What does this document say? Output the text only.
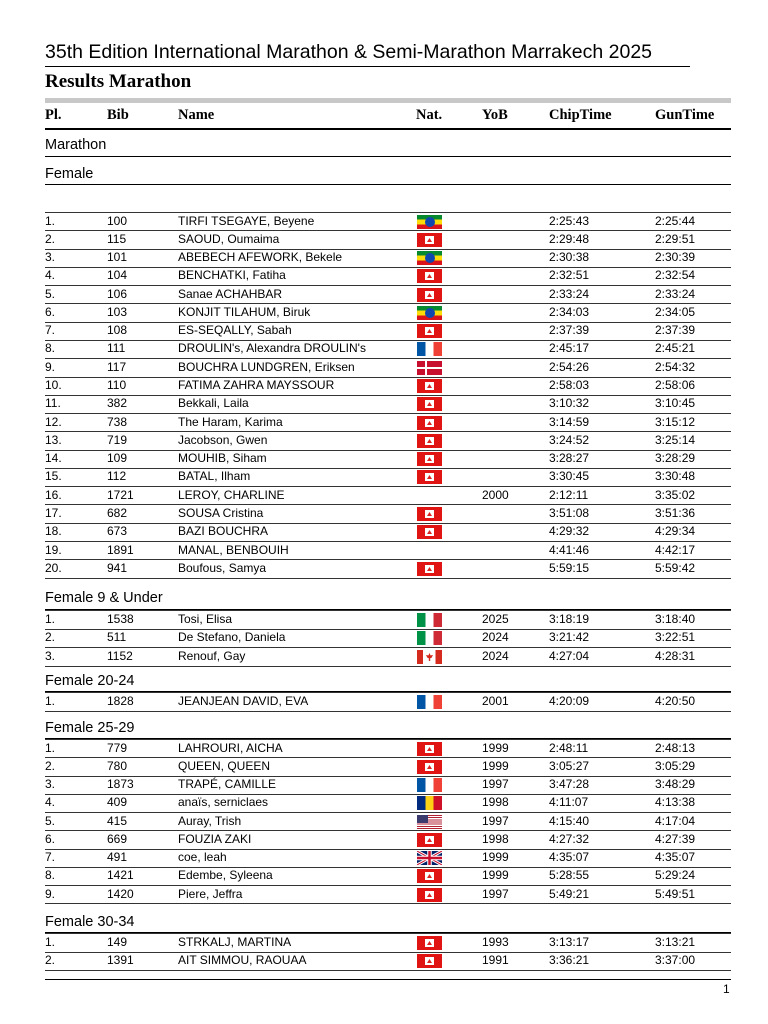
35th Edition International Marathon & Semi-Marathon Marrakech 2025
Results Marathon
Pl.	Bib	Name	Nat.	YoB	ChipTime	GunTime
Marathon
Female
1.	100	TIRFI TSEGAYE, Beyene	2:25:43	2:25:44
2.	115	SAOUD, Oumaima	2:29:48	2:29:51
3.	101	ABEBECH AFEWORK, Bekele	2:30:38	2:30:39
4.	104	BENCHATKI, Fatiha	2:32:51	2:32:54
5.	106	Sanae ACHAHBAR	2:33:24	2:33:24
6.	103	KONJIT TILAHUM, Biruk	2:34:03	2:34:05
7.	108	ES-SEQALLY, Sabah	2:37:39	2:37:39
8.	111	DROULIN's, Alexandra DROULIN's	2:45:17	2:45:21
9.	117	BOUCHRA LUNDGREN, Eriksen	2:54:26	2:54:32
10.	110	FATIMA ZAHRA MAYSSOUR	2:58:03	2:58:06
11.	382	Bekkali, Laila	3:10:32	3:10:45
12.	738	The Haram, Karima	3:14:59	3:15:12
13.	719	Jacobson, Gwen	3:24:52	3:25:14
14.	109	MOUHIB, Siham	3:28:27	3:28:29
15.	112	BATAL, Ilham	3:30:45	3:30:48
16.	1721	LEROY, CHARLINE	2000	2:12:11	3:35:02
17.	682	SOUSA Cristina	3:51:08	3:51:36
18.	673	BAZI BOUCHRA	4:29:32	4:29:34
19.	1891	MANAL, BENBOUIH	4:41:46	4:42:17
20.	941	Boufous, Samya	5:59:15	5:59:42
Female 9 & Under
1.	1538	Tosi, Elisa	2025	3:18:19	3:18:40
2.	511	De Stefano, Daniela	2024	3:21:42	3:22:51
3.	1152	Renouf, Gay	2024	4:27:04	4:28:31
Female 20-24
1.	1828	JEANJEAN DAVID, EVA	2001	4:20:09	4:20:50
Female 25-29
1.	779	LAHROURI, AICHA	1999	2:48:11	2:48:13
2.	780	QUEEN, QUEEN	1999	3:05:27	3:05:29
3.	1873	TRAPÉ, CAMILLE	1997	3:47:28	3:48:29
4.	409	anaïs, serniclaes	1998	4:11:07	4:13:38
5.	415	Auray, Trish	1997	4:15:40	4:17:04
6.	669	FOUZIA ZAKI	1998	4:27:32	4:27:39
7.	491	coe, leah	1999	4:35:07	4:35:07
8.	1421	Edembe, Syleena	1999	5:28:55	5:29:24
9.	1420	Piere, Jeffra	1997	5:49:21	5:49:51
Female 30-34
1.	149	STRKALJ, MARTINA	1993	3:13:17	3:13:21
2.	1391	AIT SIMMOU, RAOUAA	1991	3:36:21	3:37:00
1
